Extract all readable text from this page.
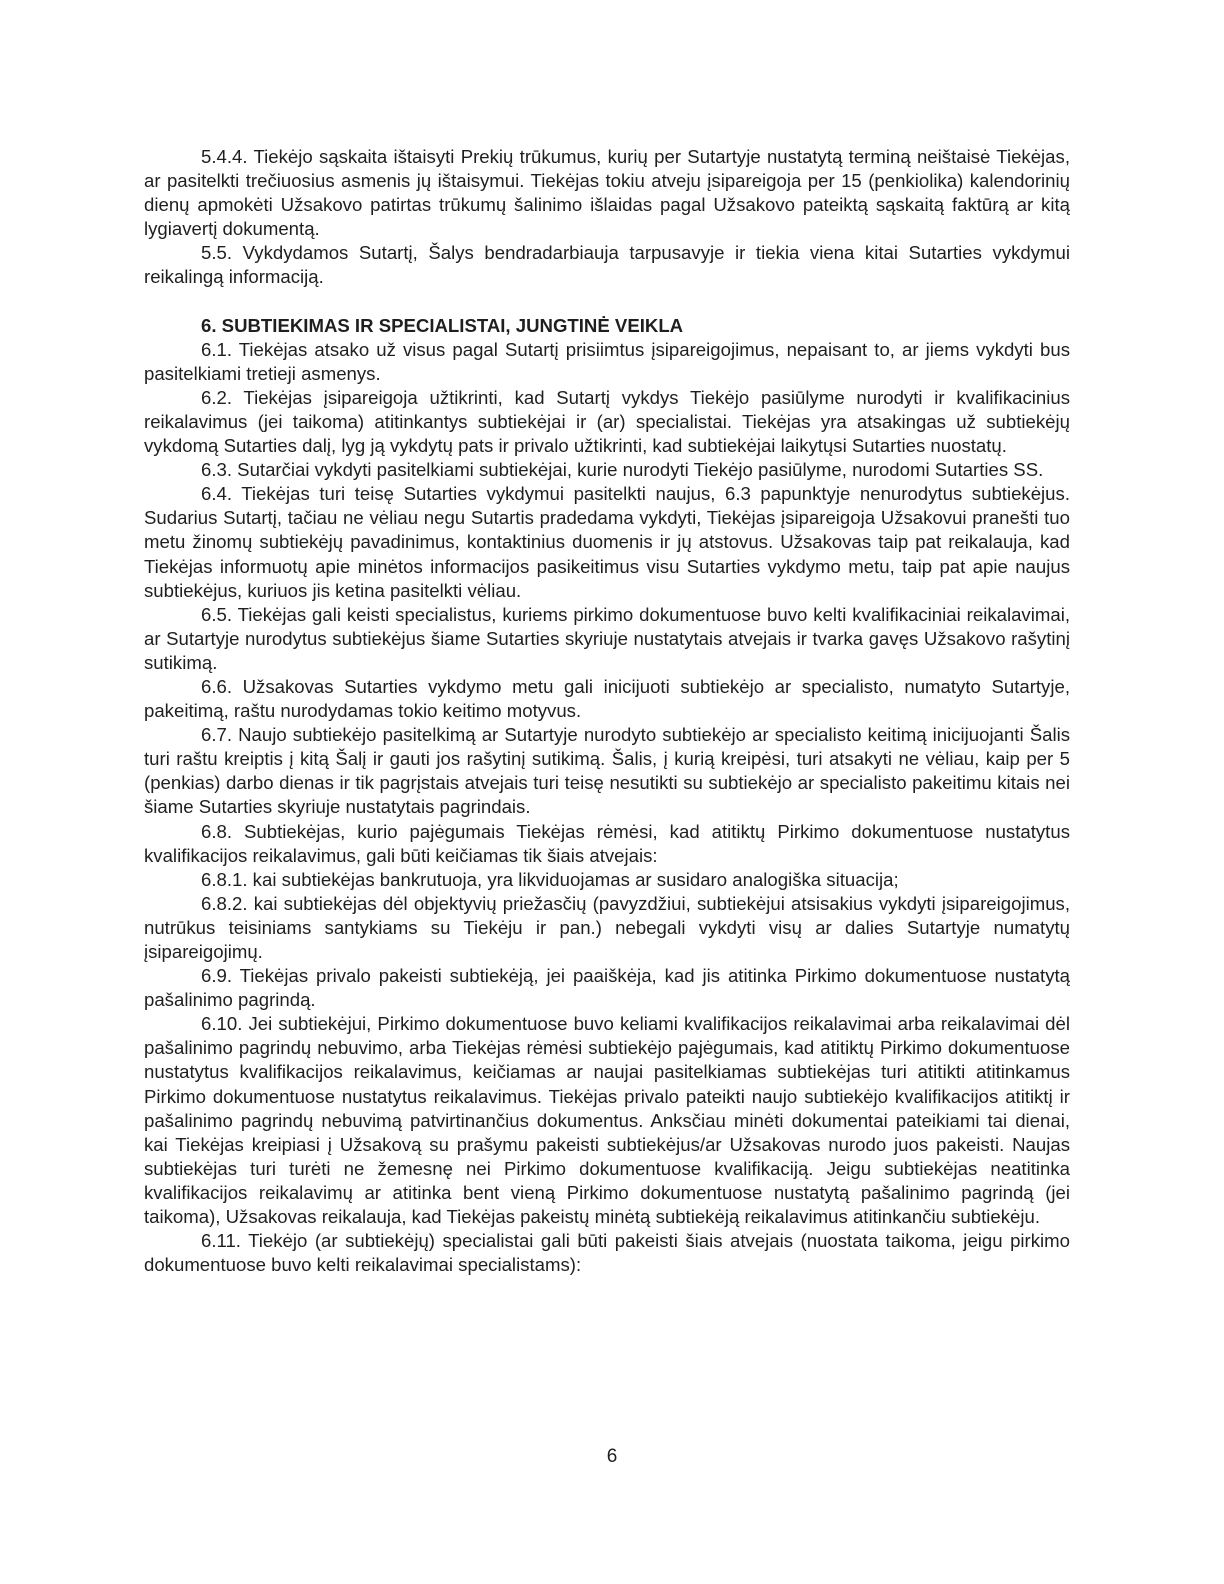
5.4.4. Tiekėjo sąskaita ištaisyti Prekių trūkumus, kurių per Sutartyje nustatytą terminą neištaisė Tiekėjas, ar pasitelkti trečiuosius asmenis jų ištaisymui. Tiekėjas tokiu atveju įsipareigoja per 15 (penkiolika) kalendorinių dienų apmokėti Užsakovo patirtas trūkumų šalinimo išlaidas pagal Užsakovo pateiktą sąskaitą faktūrą ar kitą lygiavertį dokumentą.

5.5. Vykdydamos Sutartį, Šalys bendradarbiauja tarpusavyje ir tiekia viena kitai Sutarties vykdymui reikalingą informaciją.

6. SUBTIEKIMAS IR SPECIALISTAI, JUNGTINĖ VEIKLA

6.1. Tiekėjas atsako už visus pagal Sutartį prisiimtus įsipareigojimus, nepaisant to, ar jiems vykdyti bus pasitelkiami tretieji asmenys.

6.2. Tiekėjas įsipareigoja užtikrinti, kad Sutartį vykdys Tiekėjo pasiūlyme nurodyti ir kvalifikacinius reikalavimus (jei taikoma) atitinkantys subtiekėjai ir (ar) specialistai. Tiekėjas yra atsakingas už subtiekėjų vykdomą Sutarties dalį, lyg ją vykdytų pats ir privalo užtikrinti, kad subtiekėjai laikytųsi Sutarties nuostatų.

6.3. Sutarčiai vykdyti pasitelkiami subtiekėjai, kurie nurodyti Tiekėjo pasiūlyme, nurodomi Sutarties SS.

6.4. Tiekėjas turi teisę Sutarties vykdymui pasitelkti naujus, 6.3 papunktyje nenurodytus subtiekėjus. Sudarius Sutartį, tačiau ne vėliau negu Sutartis pradedama vykdyti, Tiekėjas įsipareigoja Užsakovui pranešti tuo metu žinomų subtiekėjų pavadinimus, kontaktinius duomenis ir jų atstovus. Užsakovas taip pat reikalauja, kad Tiekėjas informuotų apie minėtos informacijos pasikeitimus visu Sutarties vykdymo metu, taip pat apie naujus subtiekėjus, kuriuos jis ketina pasitelkti vėliau.

6.5. Tiekėjas gali keisti specialistus, kuriems pirkimo dokumentuose buvo kelti kvalifikaciniai reikalavimai, ar Sutartyje nurodytus subtiekėjus šiame Sutarties skyriuje nustatytais atvejais ir tvarka gavęs Užsakovo rašytinį sutikimą.

6.6. Užsakovas Sutarties vykdymo metu gali inicijuoti subtiekėjo ar specialisto, numatyto Sutartyje, pakeitimą, raštu nurodydamas tokio keitimo motyvus.

6.7. Naujo subtiekėjo pasitelkimą ar Sutartyje nurodyto subtiekėjo ar specialisto keitimą inicijuojanti Šalis turi raštu kreiptis į kitą Šalį ir gauti jos rašytinį sutikimą. Šalis, į kurią kreipėsi, turi atsakyti ne vėliau, kaip per 5 (penkias) darbo dienas ir tik pagrįstais atvejais turi teisę nesutikti su subtiekėjo ar specialisto pakeitimu kitais nei šiame Sutarties skyriuje nustatytais pagrindais.

6.8. Subtiekėjas, kurio pajėgumais Tiekėjas rėmėsi, kad atitiktų Pirkimo dokumentuose nustatytus kvalifikacijos reikalavimus, gali būti keičiamas tik šiais atvejais:

6.8.1. kai subtiekėjas bankrutuoja, yra likviduojamas ar susidaro analogiška situacija;

6.8.2. kai subtiekėjas dėl objektyvių priežasčių (pavyzdžiui, subtiekėjui atsisakius vykdyti įsipareigojimus, nutrūkus teisiniams santykiams su Tiekėju ir pan.) nebegali vykdyti visų ar dalies Sutartyje numatytų įsipareigojimų.

6.9. Tiekėjas privalo pakeisti subtiekėją, jei paaiškėja, kad jis atitinka Pirkimo dokumentuose nustatytą pašalinimo pagrindą.

6.10. Jei subtiekėjui, Pirkimo dokumentuose buvo keliami kvalifikacijos reikalavimai arba reikalavimai dėl pašalinimo pagrindų nebuvimo, arba Tiekėjas rėmėsi subtiekėjo pajėgumais, kad atitiktų Pirkimo dokumentuose nustatytus kvalifikacijos reikalavimus, keičiamas ar naujai pasitelkiamas subtiekėjas turi atitikti atitinkamus Pirkimo dokumentuose nustatytus reikalavimus. Tiekėjas privalo pateikti naujo subtiekėjo kvalifikacijos atitiktį ir pašalinimo pagrindų nebuvimą patvirtinančius dokumentus. Anksčiau minėti dokumentai pateikiami tai dienai, kai Tiekėjas kreipiasi į Užsakovą su prašymu pakeisti subtiekėjus/ar Užsakovas nurodo juos pakeisti. Naujas subtiekėjas turi turėti ne žemesnę nei Pirkimo dokumentuose kvalifikaciją. Jeigu subtiekėjas neatitinka kvalifikacijos reikalavimų ar atitinka bent vieną Pirkimo dokumentuose nustatytą pašalinimo pagrindą (jei taikoma), Užsakovas reikalauja, kad Tiekėjas pakeistų minėtą subtiekėją reikalavimus atitinkančiu subtiekėju.

6.11. Tiekėjo (ar subtiekėjų) specialistai gali būti pakeisti šiais atvejais (nuostata taikoma, jeigu pirkimo dokumentuose buvo kelti reikalavimai specialistams):

6
